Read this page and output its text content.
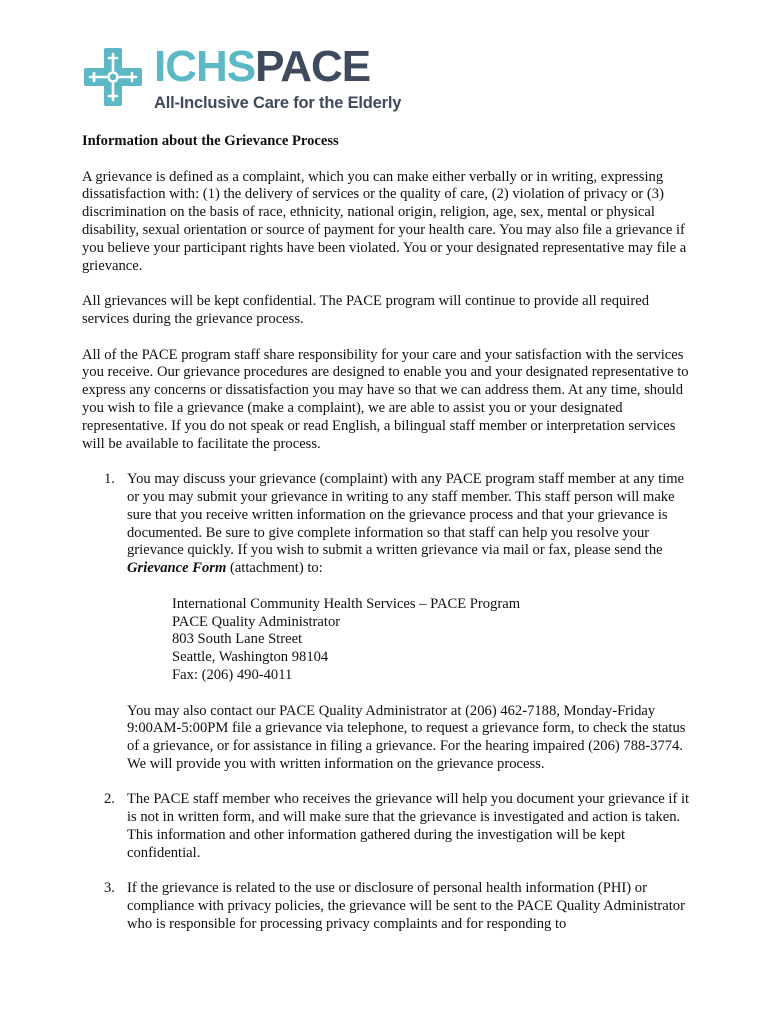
ICHSPACE
All-Inclusive Care for the Elderly
Information about the Grievance Process

A grievance is defined as a complaint, which you can make either verbally or in writing, expressing dissatisfaction with: (1) the delivery of services or the quality of care, (2) violation of privacy or (3) discrimination on the basis of race, ethnicity, national origin, religion, age, sex, mental or physical disability, sexual orientation or source of payment for your health care. You may also file a grievance if you believe your participant rights have been violated. You or your designated representative may file a grievance.

All grievances will be kept confidential. The PACE program will continue to provide all required services during the grievance process.

All of the PACE program staff share responsibility for your care and your satisfaction with the services you receive. Our grievance procedures are designed to enable you and your designated representative to express any concerns or dissatisfaction you may have so that we can address them. At any time, should you wish to file a grievance (make a complaint), we are able to assist you or your designated representative. If you do not speak or read English, a bilingual staff member or interpretation services will be available to facilitate the process.

1. You may discuss your grievance (complaint) with any PACE program staff member at any time or you may submit your grievance in writing to any staff member. This staff person will make sure that you receive written information on the grievance process and that your grievance is documented. Be sure to give complete information so that staff can help you resolve your grievance quickly. If you wish to submit a written grievance via mail or fax, please send the Grievance Form (attachment) to:

International Community Health Services – PACE Program
PACE Quality Administrator
803 South Lane Street
Seattle, Washington 98104
Fax: (206) 490-4011

You may also contact our PACE Quality Administrator at (206) 462-7188, Monday-Friday 9:00AM-5:00PM file a grievance via telephone, to request a grievance form, to check the status of a grievance, or for assistance in filing a grievance. For the hearing impaired (206) 788-3774. We will provide you with written information on the grievance process.

2. The PACE staff member who receives the grievance will help you document your grievance if it is not in written form, and will make sure that the grievance is investigated and action is taken. This information and other information gathered during the investigation will be kept confidential.

3. If the grievance is related to the use or disclosure of personal health information (PHI) or compliance with privacy policies, the grievance will be sent to the PACE Quality Administrator who is responsible for processing privacy complaints and for responding to
